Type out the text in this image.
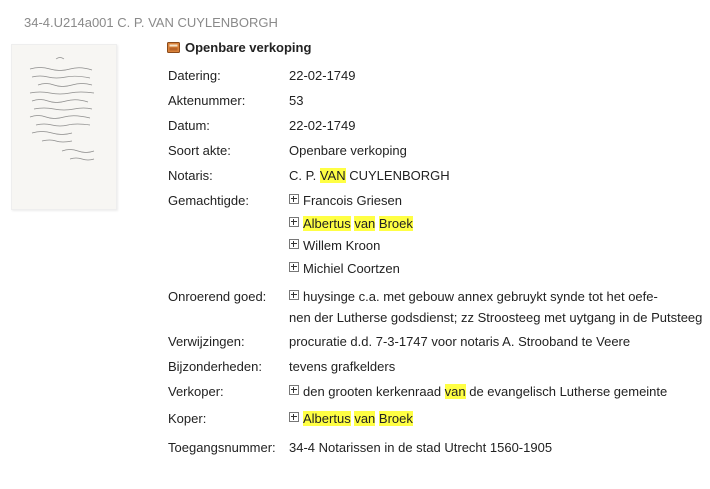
34-4.U214a001 C. P. VAN CUYLENBORGH
Openbare verkoping
Datering:	22-02-1749
Aktenummer:	53
Datum:	22-02-1749
Soort akte:	Openbare verkoping
Notaris:	C. P. VAN CUYLENBORGH
Gemachtigde:	Francois Griesen
Albertus van Broek
Willem Kroon
Michiel Coortzen
Onroerend goed:	huysinge c.a. met gebouw annex gebruykt synde tot het oefe-
nen der Lutherse godsdienst; zz Stroosteeg met uytgang in de Putsteeg
Verwijzingen:	procuratie d.d. 7-3-1747 voor notaris A. Strooband te Veere
Bijzonderheden: tevens grafkelders
Verkoper:	den grooten kerkenraad van de evangelisch Lutherse gemeinte
Koper:	Albertus van Broek
Toegangsnummer: 34-4 Notarissen in de stad Utrecht 1560-1905
